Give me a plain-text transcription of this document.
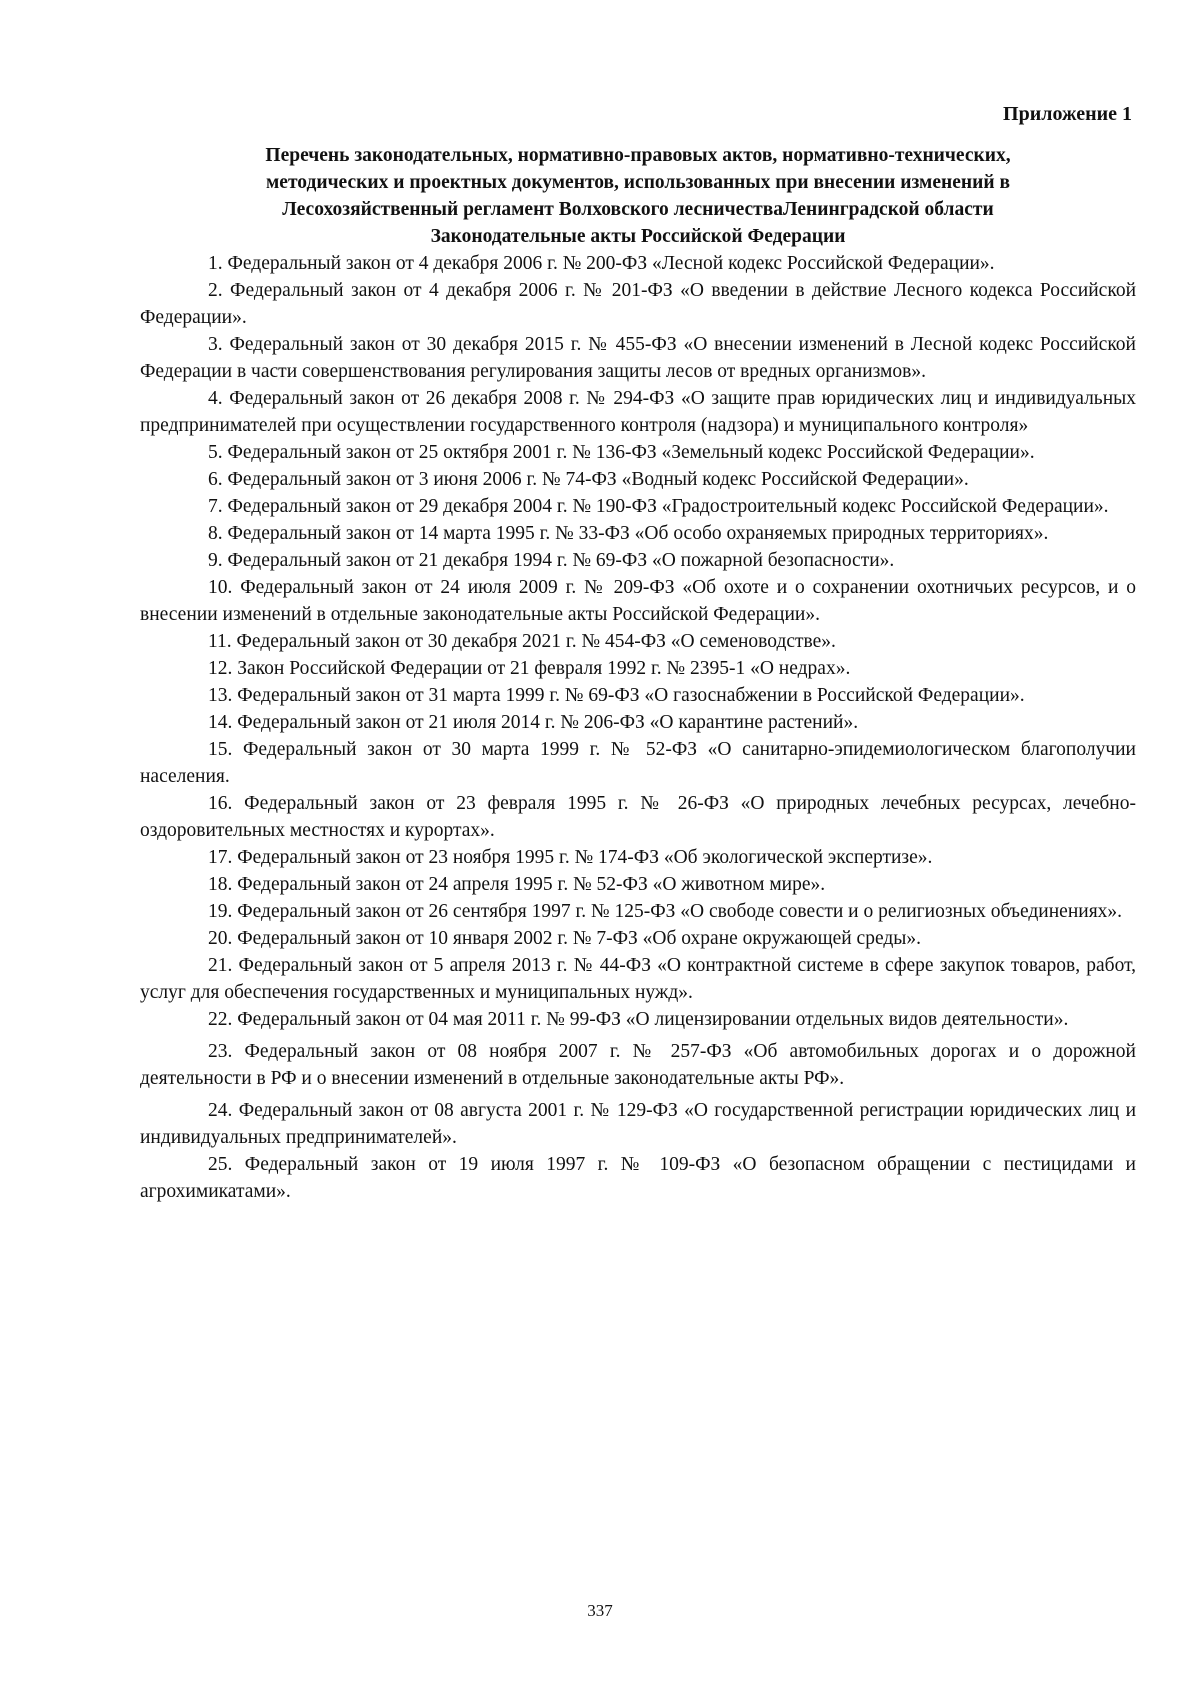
Приложение 1
Перечень законодательных, нормативно-правовых актов, нормативно-технических,
методических и проектных документов, использованных при внесении изменений в
Лесохозяйственный регламент Волховского лесничестваЛенинградской области
Законодательные акты Российской Федерации

1. Федеральный закон от 4 декабря 2006 г. № 200-ФЗ «Лесной кодекс Российской Федерации».

2. Федеральный закон от 4 декабря 2006 г. № 201-ФЗ «О введении в действие Лесного кодекса Российской Федерации».

3. Федеральный закон от 30 декабря 2015 г. № 455-ФЗ «О внесении изменений в Лесной кодекс Российской Федерации в части совершенствования регулирования защиты лесов от вредных организмов».

4. Федеральный закон от 26 декабря 2008 г. № 294-ФЗ «О защите прав юридических лиц и индивидуальных предпринимателей при осуществлении государственного контроля (надзора) и муниципального контроля»

5. Федеральный закон от 25 октября 2001 г. № 136-ФЗ «Земельный кодекс Российской Федерации».

6. Федеральный закон от 3 июня 2006 г. № 74-ФЗ «Водный кодекс Российской Федерации».

7. Федеральный закон от 29 декабря 2004 г. № 190-ФЗ «Градостроительный кодекс Российской Федерации».

8. Федеральный закон от 14 марта 1995 г. № 33-ФЗ «Об особо охраняемых природных территориях».

9. Федеральный закон от 21 декабря 1994 г. № 69-ФЗ «О пожарной безопасности».

10. Федеральный закон от 24 июля 2009 г. № 209-ФЗ «Об охоте и о сохранении охотничьих ресурсов, и о внесении изменений в отдельные законодательные акты Российской Федерации».

11. Федеральный закон от 30 декабря 2021 г. № 454-ФЗ «О семеноводстве».

12. Закон Российской Федерации от 21 февраля 1992 г. № 2395-1 «О недрах».

13. Федеральный закон от 31 марта 1999 г. № 69-ФЗ «О газоснабжении в Российской Федерации».

14. Федеральный закон от 21 июля 2014 г. № 206-ФЗ «О карантине растений».

15. Федеральный закон от 30 марта 1999 г. № 52-ФЗ «О санитарно-эпидемиологическом благополучии населения.

16. Федеральный закон от 23 февраля 1995 г. № 26-ФЗ «О природных лечебных ресурсах, лечебно-оздоровительных местностях и курортах».

17. Федеральный закон от 23 ноября 1995 г. № 174-ФЗ «Об экологической экспертизе».

18. Федеральный закон от 24 апреля 1995 г. № 52-ФЗ «О животном мире».

19. Федеральный закон от 26 сентября 1997 г. № 125-ФЗ «О свободе совести и о религиозных объединениях».

20. Федеральный закон от 10 января 2002 г. № 7-ФЗ «Об охране окружающей среды».

21. Федеральный закон от 5 апреля 2013 г. № 44-ФЗ «О контрактной системе в сфере закупок товаров, работ, услуг для обеспечения государственных и муниципальных нужд».

22. Федеральный закон от 04 мая 2011 г. № 99-ФЗ «О лицензировании отдельных видов деятельности».

23. Федеральный закон от 08 ноября 2007 г. № 257-ФЗ «Об автомобильных дорогах и о дорожной деятельности в РФ и о внесении изменений в отдельные законодательные акты РФ».

24. Федеральный закон от 08 августа 2001 г. № 129-ФЗ «О государственной регистрации юридических лиц и индивидуальных предпринимателей».

25. Федеральный закон от 19 июля 1997 г. № 109-ФЗ «О безопасном обращении с пестицидами и агрохимикатами».

337
